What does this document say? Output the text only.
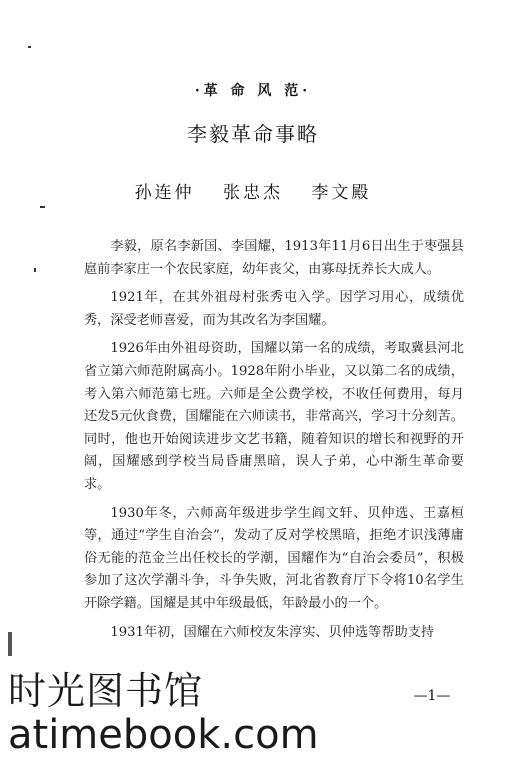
·革 命 风 范·
李毅革命事略
孙连仲 张忠杰 李文殿

李毅，原名李新国、李国耀，1913年11月6日出生于枣强县扈前李家庄一个农民家庭，幼年丧父，由寡母抚养长大成人。

1921年，在其外祖母村张秀屯入学。因学习用心，成绩优秀，深受老师喜爱，而为其改名为李国耀。

1926年由外祖母资助，国耀以第一名的成绩，考取冀县河北省立第六师范附属高小。1928年附小毕业，又以第二名的成绩，考入第六师范第七班。六师是全公费学校，不收任何费用，每月还发5元伙食费，国耀能在六师读书，非常高兴，学习十分刻苦。同时，他也开始阅读进步文艺书籍，随着知识的增长和视野的开阔，国耀感到学校当局昏庸黑暗，误人子弟，心中渐生革命要求。

1930年冬，六师高年级进步学生阎文轩、贝仲选、王嘉桓等，通过“学生自治会”，发动了反对学校黑暗，拒绝才识浅薄庸俗无能的范金兰出任校长的学潮，国耀作为“自治会委员”，积极参加了这次学潮斗争，斗争失败，河北省教育厅下令将10名学生开除学籍。国耀是其中年级最低，年龄最小的一个。

1931年初，国耀在六师校友朱淳实、贝仲选等帮助支持

—1—
时光图书馆
atimebook.com
